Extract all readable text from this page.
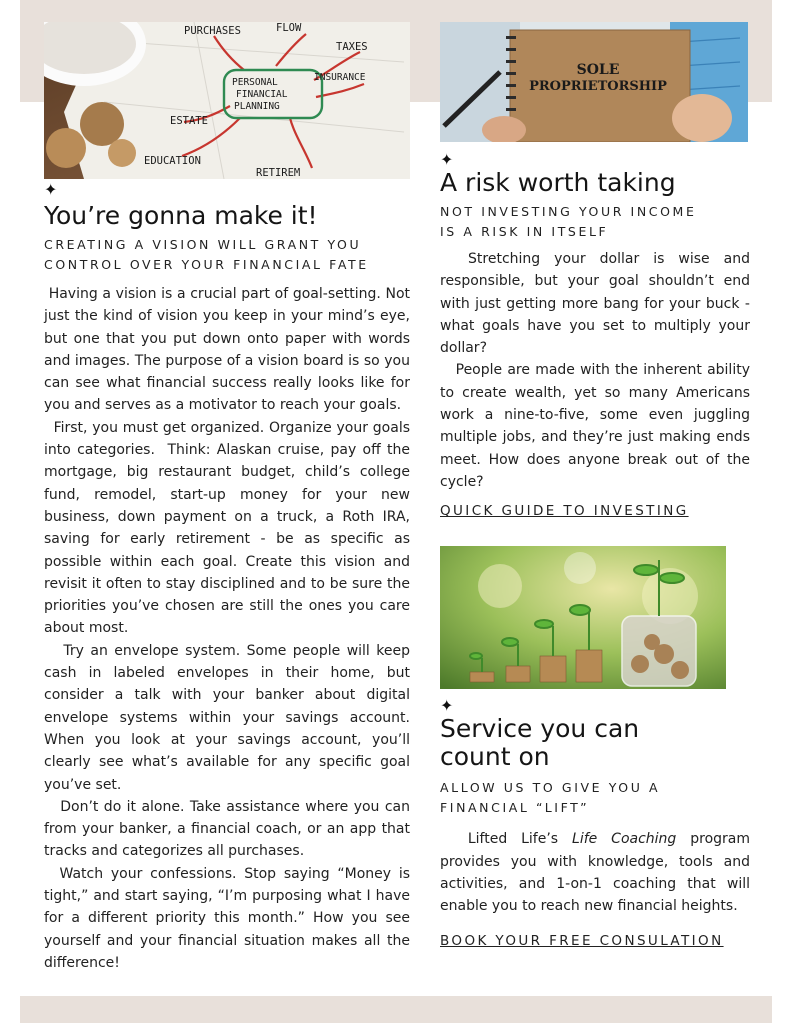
PURCHASES	FLOW
TAXES
INSURANCE
PERSONAL
FINANCIAL
PLANNING
ESTATE
EDUCATION
RETIREM
✦
You’re gonna make it!
CREATING A VISION WILL GRANT YOU
CONTROL OVER YOUR FINANCIAL FATE

Having a vision is a crucial part of goal-setting. Not just the kind of vision you keep in your mind’s eye, but one that you put down onto paper with words and images. The purpose of a vision board is so you can see what financial success really looks like for you and serves as a motivator to reach your goals.

First, you must get organized. Organize your goals into categories.  Think: Alaskan cruise, pay off the mortgage, big restaurant budget, child’s college fund, remodel, start-up money for your new business, down payment on a truck, a Roth IRA, saving for early retirement - be as specific as possible within each goal. Create this vision and revisit it often to stay disciplined and to be sure the priorities you’ve chosen are still the ones you care about most.

Try an envelope system. Some people will keep cash in labeled envelopes in their home, but consider a talk with your banker about digital envelope systems within your savings account. When you look at your savings account, you’ll clearly see what’s available for any specific goal you’ve set.

Don’t do it alone. Take assistance where you can from your banker, a financial coach, or an app that tracks and categorizes all purchases.

Watch your confessions. Stop saying “Money is tight,” and start saying, “I’m purposing what I have for a different priority this month.” How you see yourself and your financial situation makes all the difference!

SOLE
PROPRIETORSHIP
✦
A risk worth taking
NOT INVESTING YOUR INCOME
IS A RISK IN ITSELF

Stretching your dollar is wise and responsible, but your goal shouldn’t end with just getting more bang for your buck - what goals have you set to multiply your dollar?

People are made with the inherent ability to create wealth, yet so many Americans work a nine-to-five, some even juggling multiple jobs, and they’re just making ends meet. How does anyone break out of the cycle?

QUICK GUIDE TO INVESTING
✦
Service you can
count on
ALLOW US TO GIVE YOU A
FINANCIAL “LIFT”

Lifted Life’s Life Coaching program provides you with knowledge, tools and activities, and 1-on-1 coaching that will enable you to reach new financial heights.

BOOK YOUR FREE CONSULATION
